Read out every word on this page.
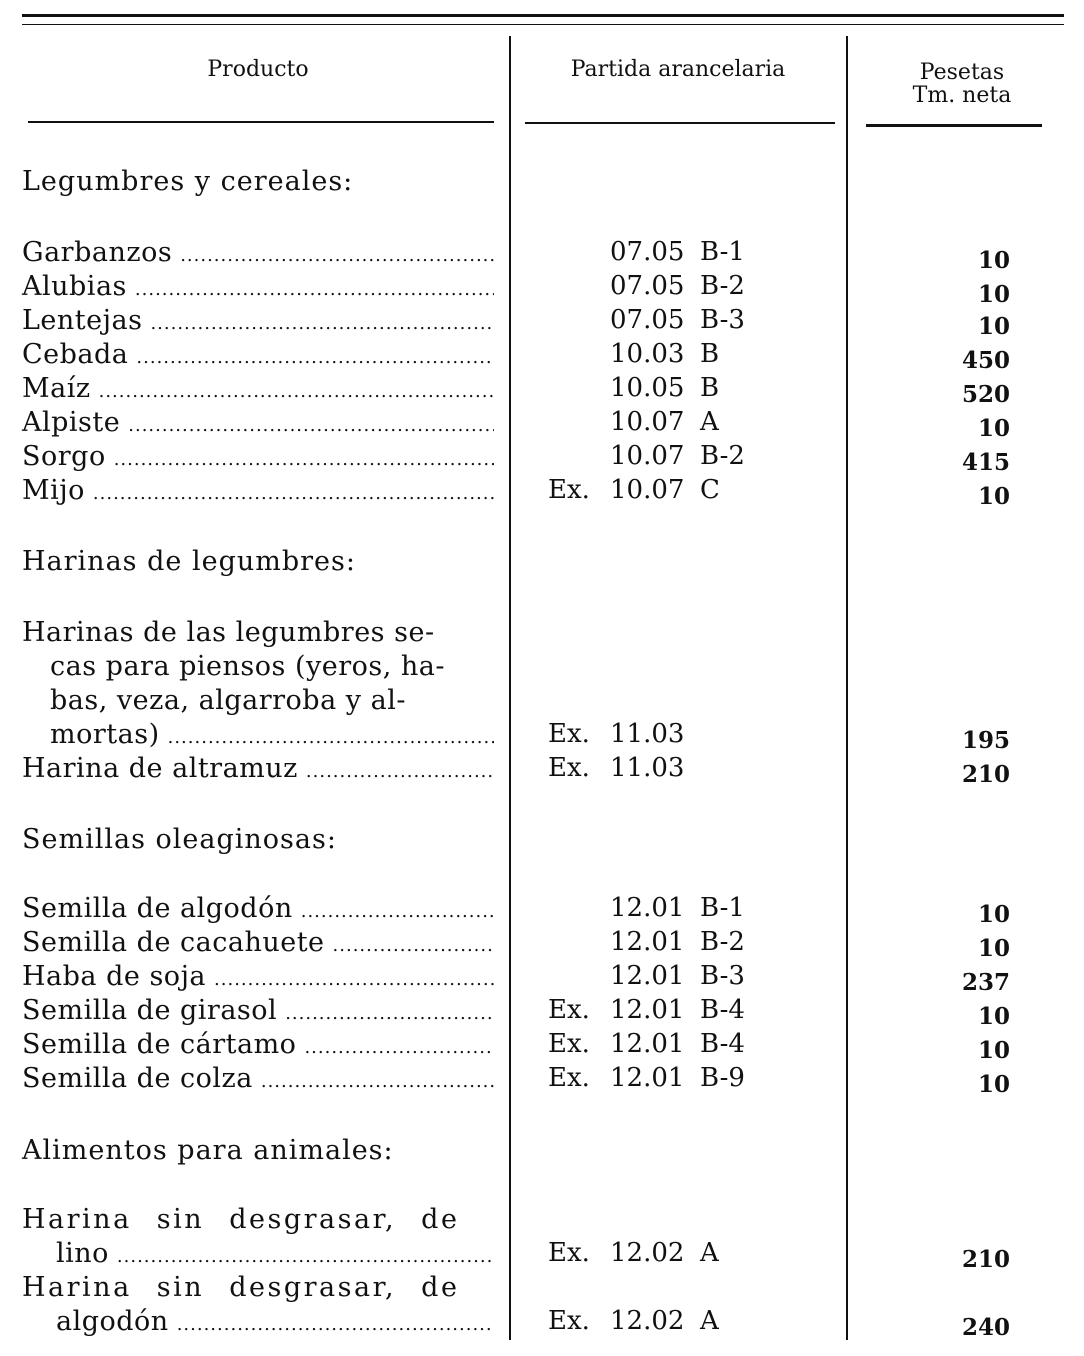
Producto	Partida arancelaria	Pesetas
Tm. neta
Legumbres y cereales:
Garbanzos .....	07.05 B-1	10
Alubias .....	07.05 B-2	10
Lentejas .....	07.05 B-3	10
Cebada .....	10.03 B	450
Maíz .....	10.05 B	520
Alpiste .....	10.07 A	10
Sorgo .....	10.07 B-2	415
Mijo .....	Ex. 10.07 C	10
Harinas de legumbres:
Harinas de las legumbres se-
cas para piensos (yeros, ha-
bas, veza, algarroba y al-
mortas) .....	Ex. 11.03	195
Harina de altramuz .....	Ex. 11.03	210
Semillas oleaginosas:
Semilla de algodón .....	12.01 B-1	10
Semilla de cacahuete .....	12.01 B-2	10
Haba de soja .....	12.01 B-3	237
Semilla de girasol .....	Ex. 12.01 B-4	10
Semilla de cártamo .....	Ex. 12.01 B-4	10
Semilla de colza .....	Ex. 12.01 B-9	10
Alimentos para animales:
Harina sin desgrasar, de
lino .....	Ex. 12.02 A	210
Harina sin desgrasar, de
algodón .....	Ex. 12.02 A	240
